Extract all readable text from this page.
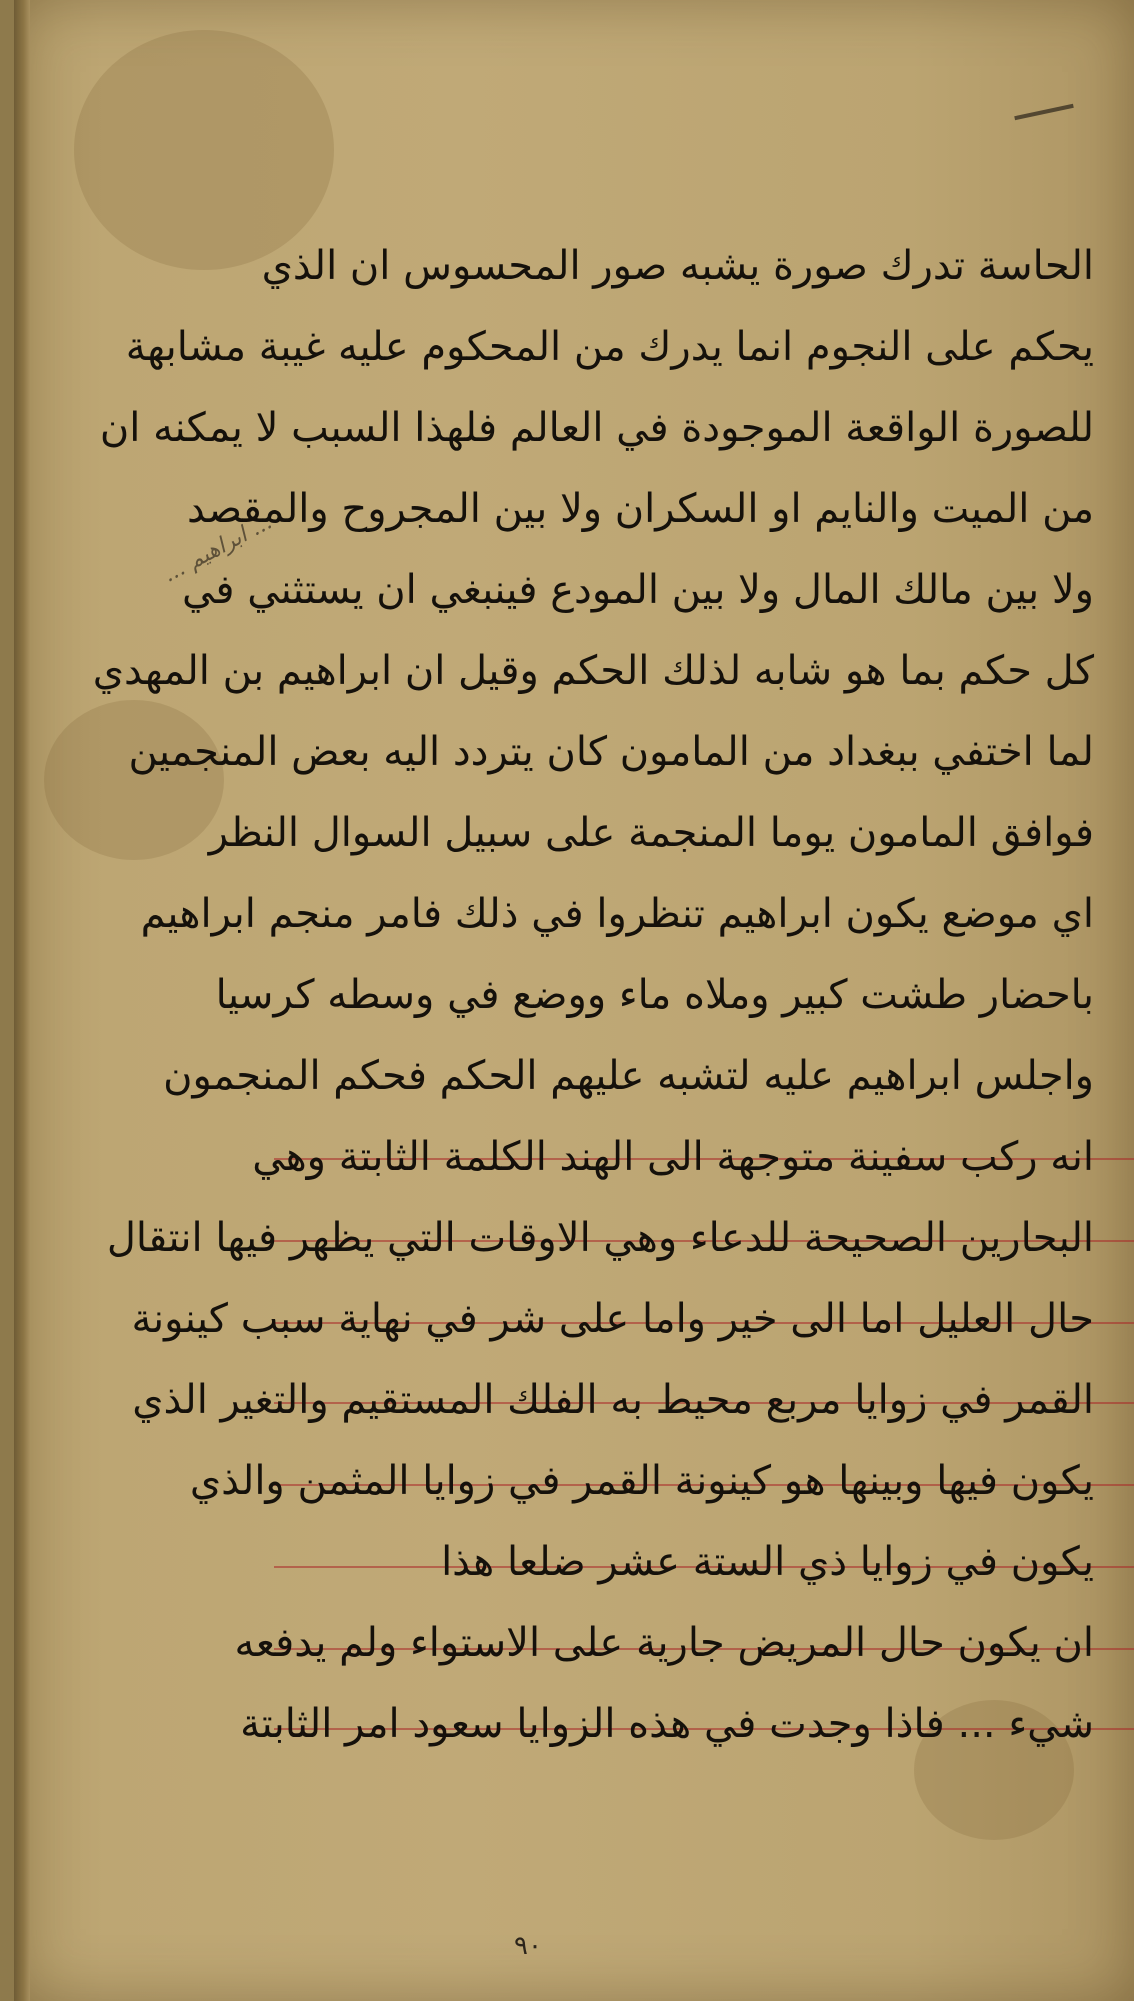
... ابراهيم ...
الحاسة تدرك صورة يشبه صور المحسوس ان الذي
يحكم على النجوم انما يدرك من المحكوم عليه غيبة مشابهة
للصورة الواقعة الموجودة في العالم فلهذا السبب لا يمكنه ان
من الميت والنايم او السكران ولا بين المجروح والمقصد
ولا بين مالك المال ولا بين المودع فينبغي ان يستثني في
كل حكم بما هو شابه لذلك الحكم وقيل ان ابراهيم بن المهدي
لما اختفي ببغداد من المامون كان يتردد اليه بعض المنجمين
فوافق المامون يوما المنجمة على سبيل السوال النظر
اي موضع يكون ابراهيم تنظروا في ذلك فامر منجم ابراهيم
باحضار طشت كبير وملاه ماء ووضع في وسطه كرسيا
واجلس ابراهيم عليه لتشبه عليهم الحكم فحكم المنجمون
انه ركب سفينة متوجهة الى الهند الكلمة الثابتة وهي
البحارين الصحيحة للدعاء وهي الاوقات التي يظهر فيها انتقال
حال العليل اما الى خير واما على شر في نهاية سبب كينونة
القمر في زوايا مربع محيط به الفلك المستقيم والتغير الذي
يكون فيها وبينها هو كينونة القمر في زوايا المثمن والذي
يكون في زوايا ذي الستة عشر ضلعا هذا
ان يكون حال المريض جارية على الاستواء ولم يدفعه
شيء ... فاذا وجدت في هذه الزوايا سعود امر الثابتة
٩٠
